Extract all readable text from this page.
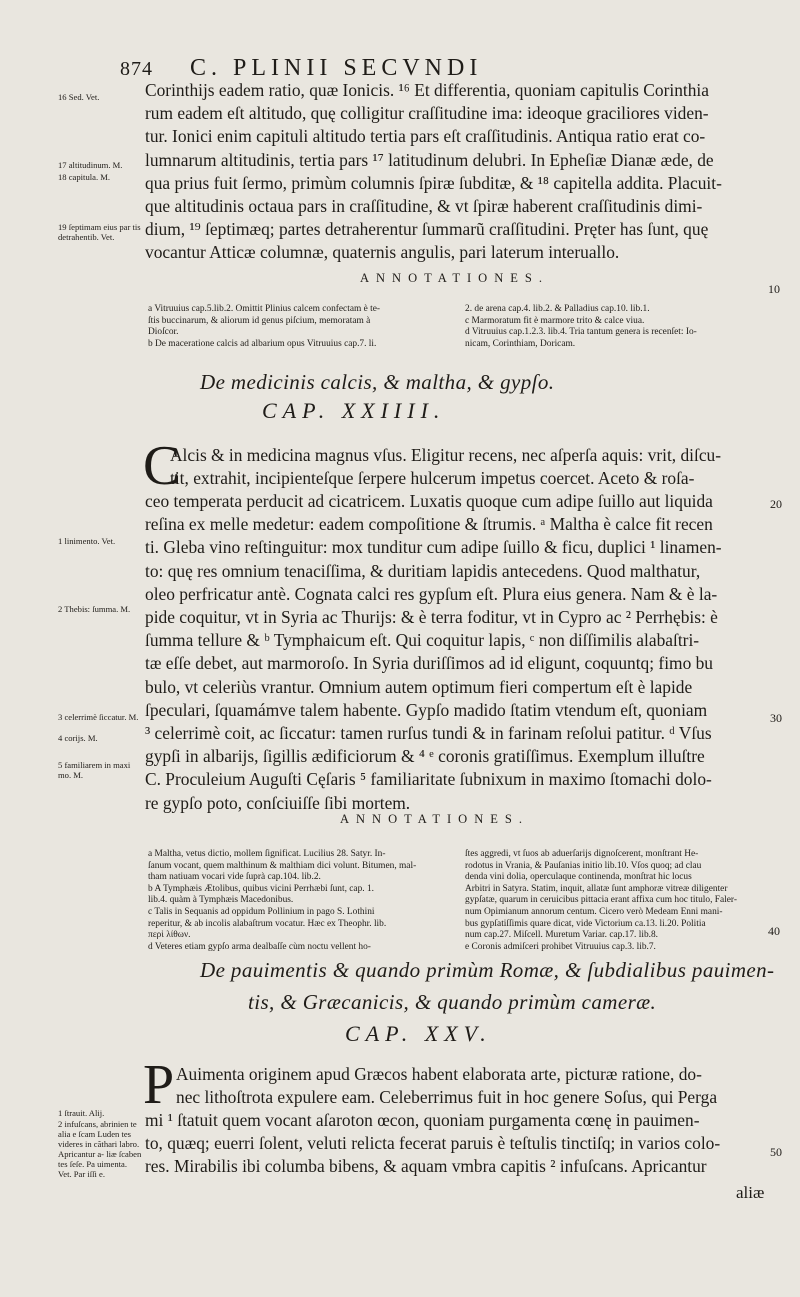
874 C. PLINII SECVNDI
16 Sed. Vet.
17 altitudinum. M.
18 capitula. M.
19 ſeptimam eius par tis detrahentib. Vet.
Corinthijs eadem ratio, quæ Ionicis. ¹⁶ Et differentia, quoniam capitulis Corinthia
rum eadem eſt altitudo, quę colligitur craſſitudine ima: ideoque graciliores viden-
tur. Ionici enim capituli altitudo tertia pars eſt craſſitudinis. Antiqua ratio erat co-
lumnarum altitudinis, tertia pars ¹⁷ latitudinum delubri. In Epheſiæ Dianæ æde, de
qua prius fuit ſermo, primùm columnis ſpiræ ſubditæ, & ¹⁸ capitella addita. Placuit-
que altitudinis octaua pars in craſſitudine, & vt ſpiræ haberent craſſitudinis dimi-
dium, ¹⁹ ſeptimæq; partes detraherentur ſummarũ craſſitudini. Pręter has ſunt, quę
vocantur Atticæ columnæ, quaternis angulis, pari laterum interuallo.
ANNOTATIONES.
10
a Vitruuius cap.5.lib.2. Omittit Plinius calcem confectam è te-
ſtis buccinarum, & aliorum id genus piſcium, memoratam à
Dioſcor.
b De maceratione calcis ad albarium opus Vitruuius cap.7. li.
2. de arena cap.4. lib.2. & Palladius cap.10. lib.1.
c Marmoratum fit è marmore trito & calce viua.
d Vitruuius cap.1.2.3. lib.4. Tria tantum genera is recenſet: Io-
nicam, Corinthiam, Doricam.
De medicinis calcis, & maltha, & gypſo.
CAP. XXIIII.
1 linimento. Vet.
2 Thebis: ſumma. M.
3 celerrimè ſiccatur. M.
4 corijs. M.
5 familiarem in maxi mo. M.
C
Alcis & in medicina magnus vſus. Eligitur recens, nec aſperſa aquis: vrit, diſcu-
tit, extrahit, incipienteſque ſerpere hulcerum impetus coercet. Aceto & roſa-
ceo temperata perducit ad cicatricem. Luxatis quoque cum adipe ſuillo aut liquida
reſina ex melle medetur: eadem compoſitione & ſtrumis. ᵃ Maltha è calce fit recen
ti. Gleba vino reſtinguitur: mox tunditur cum adipe ſuillo & ficu, duplici ¹ linamen-
to: quę res omnium tenaciſſima, & duritiam lapidis antecedens. Quod malthatur,
oleo perfricatur antè. Cognata calci res gypſum eſt. Plura eius genera. Nam & è la-
pide coquitur, vt in Syria ac Thurijs: & è terra foditur, vt in Cypro ac ² Perrhębis: è
ſumma tellure & ᵇ Tymphaicum eſt. Qui coquitur lapis, ᶜ non diſſimilis alabaſtri-
tæ eſſe debet, aut marmoroſo. In Syria duriſſimos ad id eligunt, coquuntq; fimo bu
bulo, vt celeriùs vrantur. Omnium autem optimum fieri compertum eſt è lapide
ſpeculari, ſquamámve talem habente. Gypſo madido ſtatim vtendum eſt, quoniam
³ celerrimè coit, ac ſiccatur: tamen rurſus tundi & in farinam reſolui patitur. ᵈ Vſus
gypſi in albarijs, ſigillis ædificiorum & ⁴ ᵉ coronis gratiſſimus. Exemplum illuſtre
C. Proculeium Auguſti Cęſaris ⁵ familiaritate ſubnixum in maximo ſtomachi dolo-
re gypſo poto, conſciuiſſe ſibi mortem.
20
30
ANNOTATIONES.
a Maltha, vetus dictio, mollem ſignificat. Lucilius 28. Satyr. In-
ſanum vocant, quem malthinum & malthiam dici volunt. Bitumen, mal-
tham natiuam vocari vide ſuprà cap.104. lib.2.
b A Tymphæis Ætolibus, quibus vicini Perrhæbi ſunt, cap. 1.
lib.4. quàm à Tymphæis Macedonibus.
c Talis in Sequanis ad oppidum Pollinium in pago S. Lothini
reperitur, & ab incolis alabaſtrum vocatur. Hæc ex Theophr. lib.
περὶ λίθων.
d Veteres etiam gypſo arma dealbaſſe cùm noctu vellent ho-
ſtes aggredi, vt ſuos ab aduerſarijs dignoſcerent, monſtrant He-
rodotus in Vrania, & Pauſanias initio lib.10. Vſos quoq; ad clau
denda vini dolia, operculaque continenda, monſtrat hic locus
Arbitri in Satyra. Statim, inquit, allatæ ſunt amphoræ vitreæ diligenter
gypſatæ, quarum in ceruicibus pittacia erant affixa cum hoc titulo, Faler-
num Opimianum annorum centum. Cicero verò Medeam Enni mani-
bus gypſatiſſimis quare dicat, vide Victorium ca.13. li.20. Politia
num cap.27. Miſcell. Muretum Variar. cap.17. lib.8.
e Coronis admiſceri prohibet Vitruuius cap.3. lib.7.
40
De pauimentis & quando primùm Romæ, & ſubdialibus pauimen-
tis, & Græcanicis, & quando primùm cameræ.
CAP. XXV.
1 ſtrauit. Alij.
2 infuſcans, abrinien te alia e ſcam Luden tes videres in cãthari labro. Apricantur a- liæ ſcaben tes ſeſe. Pa uimenta. Vet. Par iſſi e.
P Auimenta originem apud Græcos habent elaborata arte, picturæ ratione, do-
nec lithoſtrota expulere eam. Celeberrimus fuit in hoc genere Soſus, qui Perga
mi ¹ ſtatuit quem vocant aſaroton œcon, quoniam purgamenta cœnę in pauimen-
to, quæq; euerri ſolent, veluti relicta fecerat paruis è teſtulis tinctiſq; in varios colo-
res. Mirabilis ibi columba bibens, & aquam vmbra capitis ² infuſcans. Apricantur
50
aliæ
